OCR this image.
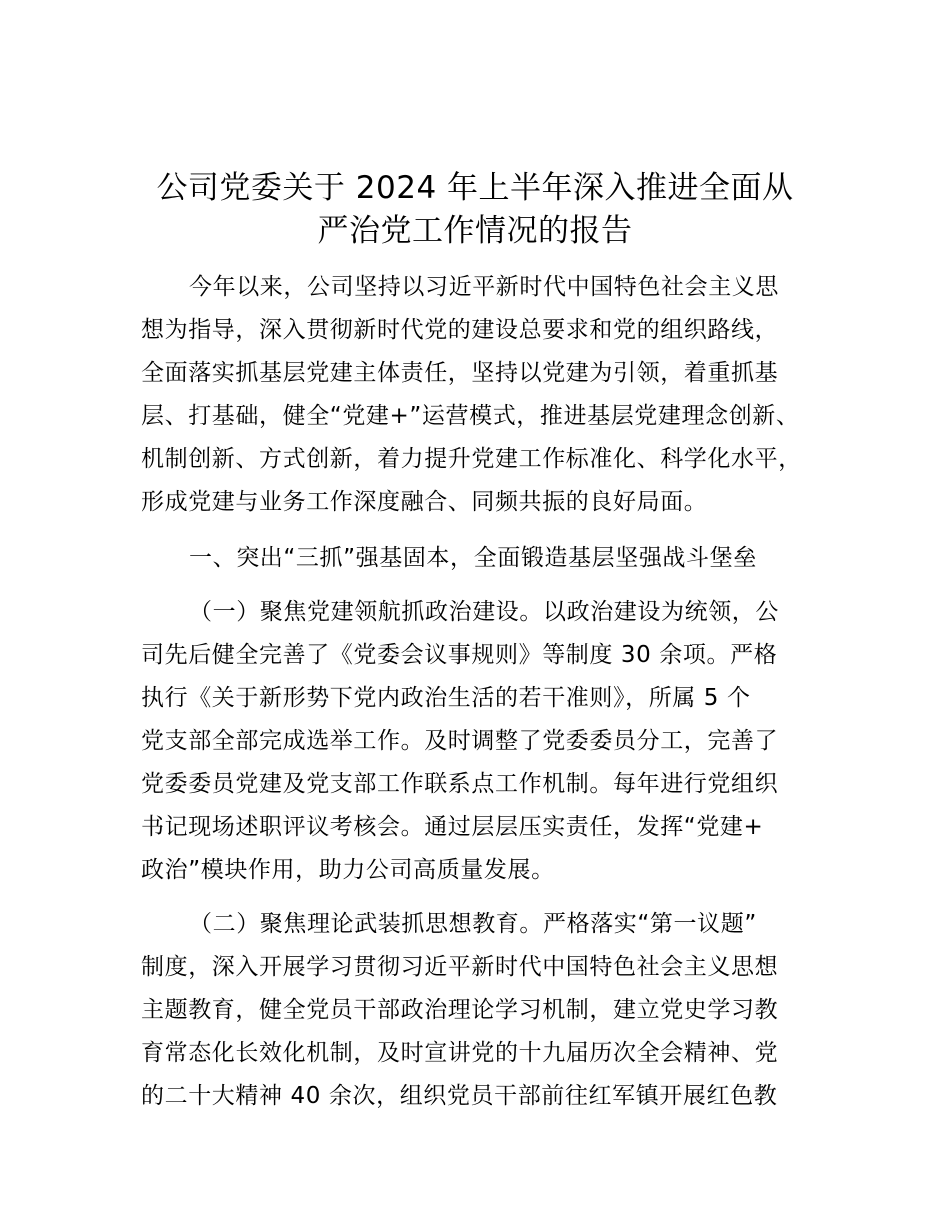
公司党委关于 2024 年上半年深入推进全面从
严治党工作情况的报告
今年以来，公司坚持以习近平新时代中国特色社会主义思
想为指导，深入贯彻新时代党的建设总要求和党的组织路线，
全面落实抓基层党建主体责任，坚持以党建为引领，着重抓基
层、打基础，健全“党建+”运营模式，推进基层党建理念创新、
机制创新、方式创新，着力提升党建工作标准化、科学化水平，
形成党建与业务工作深度融合、同频共振的良好局面。
一、突出“三抓”强基固本，全面锻造基层坚强战斗堡垒
（一）聚焦党建领航抓政治建设。以政治建设为统领，公
司先后健全完善了《党委会议事规则》等制度 30 余项。严格
执行《关于新形势下党内政治生活的若干准则》，所属 5 个
党支部全部完成选举工作。及时调整了党委委员分工，完善了
党委委员党建及党支部工作联系点工作机制。每年进行党组织
书记现场述职评议考核会。通过层层压实责任，发挥“党建+
政治”模块作用，助力公司高质量发展。
（二）聚焦理论武装抓思想教育。严格落实“第一议题”
制度，深入开展学习贯彻习近平新时代中国特色社会主义思想
主题教育，健全党员干部政治理论学习机制，建立党史学习教
育常态化长效化机制，及时宣讲党的十九届历次全会精神、党
的二十大精神 40 余次，组织党员干部前往红军镇开展红色教
